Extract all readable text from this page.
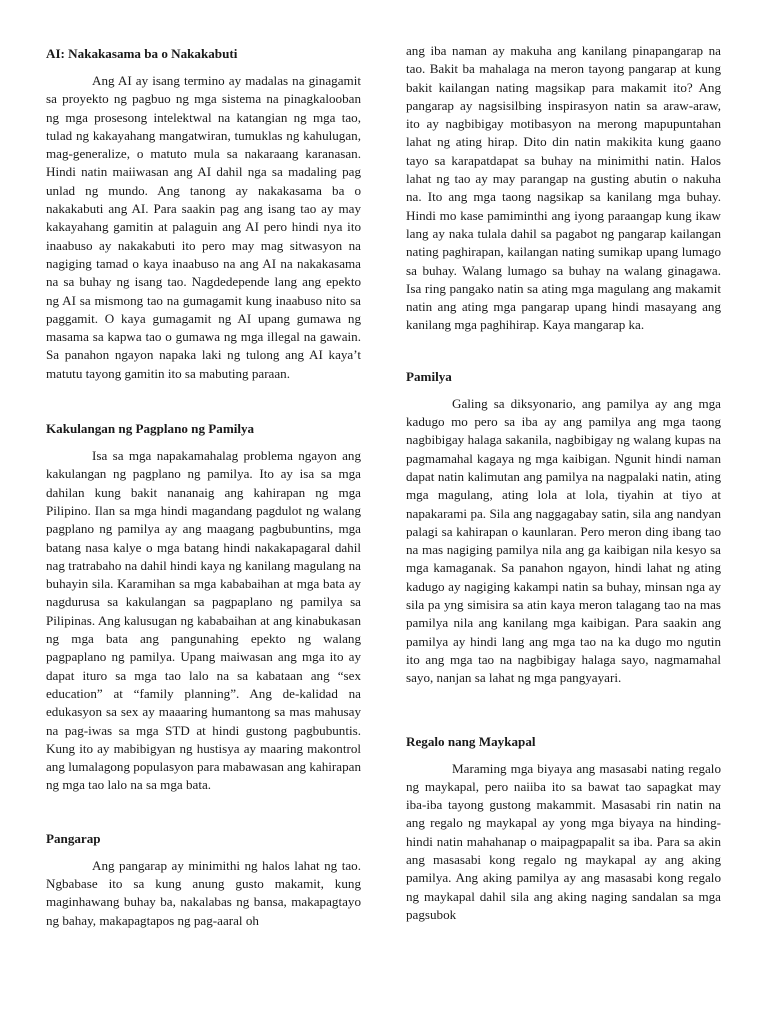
AI: Nakakasama ba o Nakakabuti

Ang AI ay isang termino ay madalas na ginagamit sa proyekto ng pagbuo ng mga sistema na pinagkalooban ng mga prosesong intelektwal na katangian ng mga tao, tulad ng kakayahang mangatwiran, tumuklas ng kahulugan, mag-generalize, o matuto mula sa nakaraang karanasan. Hindi natin maiiwasan ang AI dahil nga sa madaling pag unlad ng mundo. Ang tanong ay nakakasama ba o nakakabuti ang AI. Para saakin pag ang isang tao ay may kakayahang gamitin at palaguin ang AI pero hindi nya ito inaabuso ay nakakabuti ito pero may mag sitwasyon na nagiging tamad o kaya inaabuso na ang AI na nakakasama na sa buhay ng isang tao. Nagdedepende lang ang epekto ng AI sa mismong tao na gumagamit kung inaabuso nito sa paggamit. O kaya gumagamit ng AI upang gumawa ng masama sa kapwa tao o gumawa ng mga illegal na gawain. Sa panahon ngayon napaka laki ng tulong ang AI kaya’t matutu tayong gamitin ito sa mabuting paraan.

Kakulangan ng Pagplano ng Pamilya

Isa sa mga napakamahalag problema ngayon ang kakulangan ng pagplano ng pamilya. Ito ay isa sa mga dahilan kung bakit nananaig ang kahirapan ng mga Pilipino. Ilan sa mga hindi magandang pagdulot ng walang pagplano ng pamilya ay ang maagang pagbubuntins, mga batang nasa kalye o mga batang hindi nakakapagaral dahil nag tratrabaho na dahil hindi kaya ng kanilang magulang na buhayin sila. Karamihan sa mga kababaihan at mga bata ay nagdurusa sa kakulangan sa pagpaplano ng pamilya sa Pilipinas. Ang kalusugan ng kababaihan at ang kinabukasan ng mga bata ang pangunahing epekto ng walang pagpaplano ng pamilya. Upang maiwasan ang mga ito ay dapat ituro sa mga tao lalo na sa kabataan ang “sex education” at “family planning”. Ang de-kalidad na edukasyon sa sex ay maaaring humantong sa mas mahusay na pag-iwas sa mga STD at hindi gustong pagbubuntis. Kung ito ay mabibigyan ng hustisya ay maaring makontrol ang lumalagong populasyon para mabawasan ang kahirapan ng mga tao lalo na sa mga bata.

Pangarap

Ang pangarap ay minimithi ng halos lahat ng tao. Ngbabase ito sa kung anung gusto makamit, kung maginhawang buhay ba, nakalabas ng bansa, makapagtayo ng bahay, makapagtapos ng pag-aaral oh

ang iba naman ay makuha ang kanilang pinapangarap na tao. Bakit ba mahalaga na meron tayong pangarap at kung bakit kailangan nating magsikap para makamit ito? Ang pangarap ay nagsisilbing inspirasyon natin sa araw-araw, ito ay nagbibigay motibasyon na merong mapupuntahan lahat ng ating hirap. Dito din natin makikita kung gaano tayo sa karapatdapat sa buhay na minimithi natin. Halos lahat ng tao ay may parangap na gusting abutin o nakuha na. Ito ang mga taong nagsikap sa kanilang mga buhay. Hindi mo kase pamiminthi ang iyong paraangap kung ikaw lang ay naka tulala dahil sa pagabot ng pangarap kailangan nating paghirapan, kailangan nating sumikap upang lumago sa buhay. Walang lumago sa buhay na walang ginagawa. Isa ring pangako natin sa ating mga magulang ang makamit natin ang ating mga pangarap upang hindi masayang ang kanilang mga paghihirap. Kaya mangarap ka.

Pamilya

Galing sa diksyonario, ang pamilya ay ang mga kadugo mo pero sa iba ay ang pamilya ang mga taong nagbibigay halaga sakanila, nagbibigay ng walang kupas na pagmamahal kagaya ng mga kaibigan. Ngunit hindi naman dapat natin kalimutan ang pamilya na nagpalaki natin, ating mga magulang, ating lola at lola, tiyahin at tiyo at napakarami pa. Sila ang naggagabay satin, sila ang nandyan palagi sa kahirapan o kaunlaran. Pero meron ding ibang tao na mas nagiging pamilya nila ang ga kaibigan nila kesyo sa mga kamaganak. Sa panahon ngayon, hindi lahat ng ating kadugo ay nagiging kakampi natin sa buhay, minsan nga ay sila pa yng simisira sa atin kaya meron talagang tao na mas pamilya nila ang kanilang mga kaibigan. Para saakin ang pamilya ay hindi lang ang mga tao na ka dugo mo ngutin ito ang mga tao na nagbibigay halaga sayo, nagmamahal sayo, nanjan sa lahat ng mga pangyayari.

Regalo nang Maykapal

Maraming mga biyaya ang masasabi nating regalo ng maykapal, pero naiiba ito sa bawat tao sapagkat may iba-iba tayong gustong makammit. Masasabi rin natin na ang regalo ng maykapal ay yong mga biyaya na hinding-hindi natin mahahanap o maipagpapalit sa iba. Para sa akin ang masasabi kong regalo ng maykapal ay ang aking pamilya. Ang aking pamilya ay ang masasabi kong regalo ng maykapal dahil sila ang aking naging sandalan sa mga pagsubok
